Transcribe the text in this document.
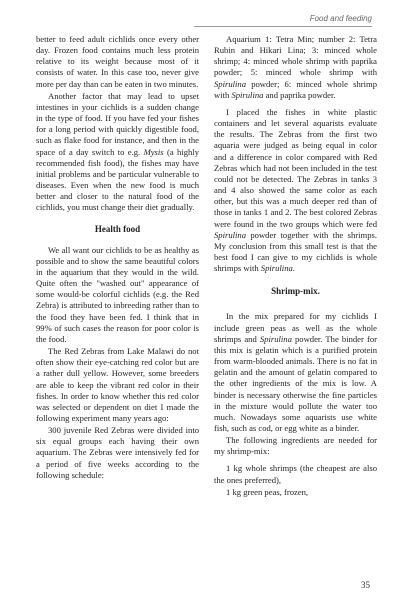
Food and feeding

better to feed adult cichlids once every other day. Frozen food contains much less protein relative to its weight because most of it consists of water. In this case too, never give more per day than can be eaten in two minutes.

Another factor that may lead to upset intestines in your cichlids is a sudden change in the type of food. If you have fed your fishes for a long period with quickly digestible food, such as flake food for instance, and then in the space of a day switch to e.g. Mysis (a highly recommended fish food), the fishes may have initial problems and be particular vulnerable to diseases. Even when the new food is much better and closer to the natural food of the cichlids, you must change their diet gradually.

Health food

We all want our cichlids to be as healthy as possible and to show the same beautiful colors in the aquarium that they would in the wild. Quite often the "washed out" appearance of some would-be colorful cichlids (e.g. the Red Zebra) is attributed to inbreeding rather than to the food they have been fed. I think that in 99% of such cases the reason for poor color is the food.

The Red Zebras from Lake Malawi do not often show their eye-catching red color but are a rather dull yellow. However, some breeders are able to keep the vibrant red color in their fishes. In order to know whether this red color was selected or dependent on diet I made the following experiment many years ago:

300 juvenile Red Zebras were divided into six equal groups each having their own aquarium. The Zebras were intensively fed for a period of five weeks according to the following schedule:

Aquarium 1: Tetra Min; number 2: Tetra Rubin and Hikari Lina; 3: minced whole shrimp; 4: minced whole shrimp with paprika powder; 5: minced whole shrimp with Spirulina powder; 6: minced whole shrimp with Spirulina and paprika powder.

I placed the fishes in white plastic containers and let several aquarists evaluate the results. The Zebras from the first two aquaria were judged as being equal in color and a difference in color compared with Red Zebras which had not been included in the test could not be detected. The Zebras in tanks 3 and 4 also showed the same color as each other, but this was a much deeper red than of those in tanks 1 and 2. The best colored Zebras were found in the two groups which were fed Spirulina powder together with the shrimps. My conclusion from this small test is that the best food I can give to my cichlids is whole shrimps with Spirulina.

Shrimp-mix.

In the mix prepared for my cichlids I include green peas as well as the whole shrimps and Spirulina powder. The binder for this mix is gelatin which is a purified protein from warm-blooded animals. There is no fat in gelatin and the amount of gelatin compared to the other ingredients of the mix is low. A binder is necessary otherwise the fine particles in the mixture would pollute the water too much. Nowadays some aquarists use white fish, such as cod, or egg white as a binder.

The following ingredients are needed for my shrimp-mix:

1 kg whole shrimps (the cheapest are also the ones preferred),

1 kg green peas, frozen,

35
